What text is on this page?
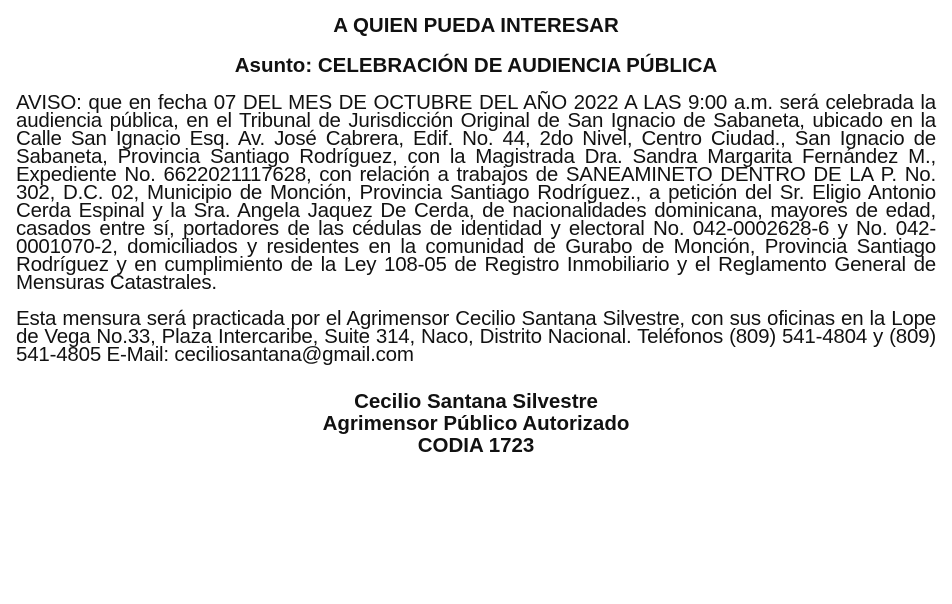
A QUIEN PUEDA INTERESAR
Asunto: CELEBRACIÓN DE AUDIENCIA PÚBLICA

AVISO: que en fecha 07 DEL MES DE OCTUBRE DEL AÑO 2022 A LAS 9:00 a.m. será celebrada la audiencia pública, en el Tribunal de Jurisdicción Original de San Ignacio de Sabaneta, ubicado en la Calle San Ignacio Esq. Av. José Cabrera, Edif. No. 44, 2do Nivel, Centro Ciudad., San Ignacio de Sabaneta, Provincia Santiago Rodríguez, con la Magistrada Dra. Sandra Margarita Fernández M., Expediente No. 6622021117628, con relación a trabajos de SANEAMINETO DENTRO DE LA P. No. 302, D.C. 02, Municipio de Monción, Provincia Santiago Rodríguez., a petición del Sr. Eligio Antonio Cerda Espinal y la Sra. Angela Jaquez De Cerda, de nacionalidades dominicana, mayores de edad, casados entre sí, portadores de las cédulas de identidad y electoral No. 042-0002628-6 y No. 042-0001070-2, domiciliados y residentes en la comunidad de Gurabo de Monción, Provincia Santiago Rodríguez y en cumplimiento de la Ley 108-05 de Registro Inmobiliario y el Reglamento General de Mensuras Catastrales.

Esta mensura será practicada por el Agrimensor Cecilio Santana Silvestre, con sus oficinas en la Lope de Vega No.33, Plaza Intercaribe, Suite 314, Naco, Distrito Nacional. Teléfonos (809) 541-4804 y (809) 541-4805 E-Mail: ceciliosantana@gmail.com

Cecilio Santana Silvestre
Agrimensor Público Autorizado
CODIA 1723
